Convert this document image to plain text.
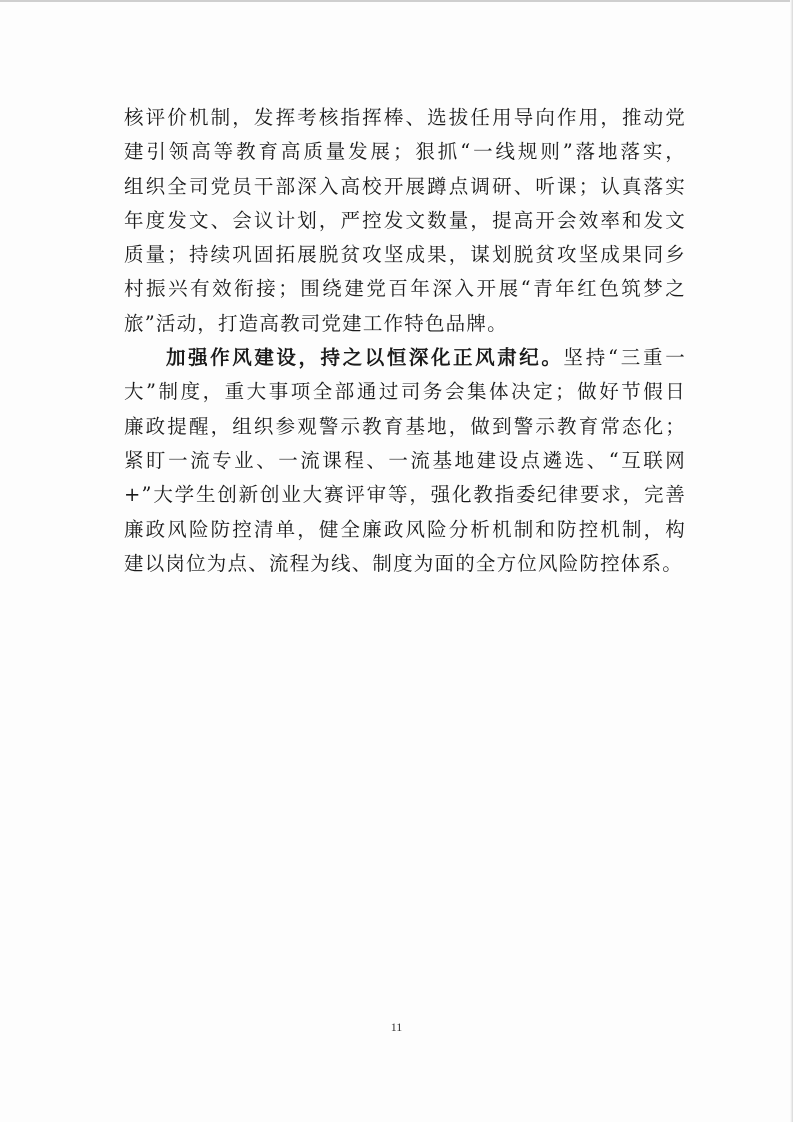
核评价机制，发挥考核指挥棒、选拔任用导向作用，推动党
建引领高等教育高质量发展；狠抓“一线规则”落地落实，
组织全司党员干部深入高校开展蹲点调研、听课；认真落实
年度发文、会议计划，严控发文数量，提高开会效率和发文
质量；持续巩固拓展脱贫攻坚成果，谋划脱贫攻坚成果同乡
村振兴有效衔接；围绕建党百年深入开展“青年红色筑梦之
旅”活动，打造高教司党建工作特色品牌。

加强作风建设，持之以恒深化正风肃纪。坚持“三重一
大”制度，重大事项全部通过司务会集体决定；做好节假日
廉政提醒，组织参观警示教育基地，做到警示教育常态化；
紧盯一流专业、一流课程、一流基地建设点遴选、“互联网
+”大学生创新创业大赛评审等，强化教指委纪律要求，完善
廉政风险防控清单，健全廉政风险分析机制和防控机制，构
建以岗位为点、流程为线、制度为面的全方位风险防控体系。

11
